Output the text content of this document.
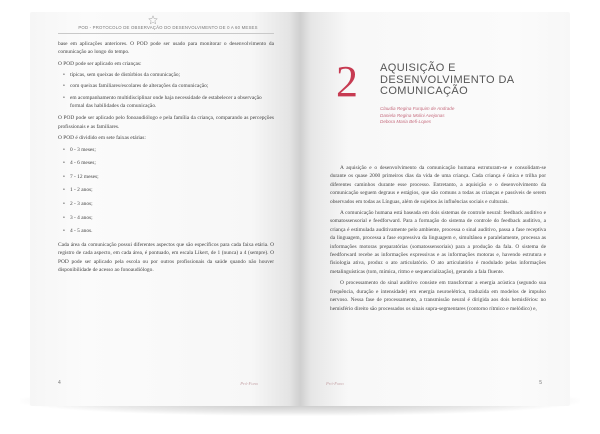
POD - PROTOCOLO DE OBSERVAÇÃO DO DESENVOLVIMENTO DE 0 A 60 MESES

base em aplicações anteriores. O POD pode ser usado para monitorar o desenvolvimento da comunicação ao longo do tempo.

O POD pode ser aplicado em crianças:

• típicas, sem queixas de distúrbios da comunicação;
• com queixas familiares/escolares de alterações da comunicação;
• em acompanhamento multidisciplinar onde haja necessidade de estabelecer a observação formal das habilidades da comunicação.

O POD pode ser aplicado pelo fonoaudiólogo e pela família da criança, comparando as percepções profissionais e as familiares.

O POD é dividido em sete faixas etárias:

• 0 - 3 meses;
• 4 - 6 meses;
• 7 - 12 meses;
• 1 - 2 anos;
• 2 - 3 anos;
• 3 - 4 anos;
• 4 - 5 anos.

Cada área da comunicação possui diferentes aspectos que são específicos para cada faixa etária. O registro de cada aspecto, em cada área, é pontuado, em escala Likert, de 1 (nunca) a 4 (sempre). O POD pode ser aplicado pela escola ou por outros profissionais da saúde quando não houver disponibilidade de acesso ao fonoaudiólogo.

4	Pró-Fono
2 AQUISIÇÃO E DESENVOLVIMENTO DA COMUNICAÇÃO
Claudia Regina Furquim de Andrade
Daniela Regina Molini Avejonas
Debora Maria Befi-Lopes

A aquisição e o desenvolvimento da comunicação humana estruturam-se e consolidam-se durante os quase 2000 primeiros dias da vida de uma criança. Cada criança é única e trilha por diferentes caminhos durante esse processo. Entretanto, a aquisição e o desenvolvimento da comunicação seguem degraus e estágios, que são comuns a todas as crianças e passíveis de serem observados em todas as Línguas, além de sujeitos às influências sociais e culturais.

A comunicação humana está baseada em dois sistemas de controle neural: feedback auditivo e somatossensorial e feedforward. Para a formação do sistema de controle do feedback auditivo, a criança é estimulada auditivamente pelo ambiente, processa o sinal auditivo, passa a fase receptiva da linguagem, processa a fase expressiva da linguagem e, simultânea e paralelamente, processa as informações motoras preparatórias (somatossensoriais) para a produção da fala. O sistema de feedforward recebe as informações expressivas e as informações motoras e, havendo estrutura e fisiologia ativa, produz o ato articulatório. O ato articulatório é modulado pelas informações metalinguísticas (tom, mímica, ritmo e sequencialização), gerando a fala fluente.

O processamento do sinal auditivo consiste em transformar a energia acústica (segundo sua frequência, duração e intensidade) em energia neuroelétrica, traduzida em modelos de impulso nervoso. Nessa fase de processamento, a transmissão neural é dirigida aos dois hemisférios: no hemisfério direito são processados os sinais supra-segmentares (contorno rítmico e melódico) e,

Pró-Fono	5
